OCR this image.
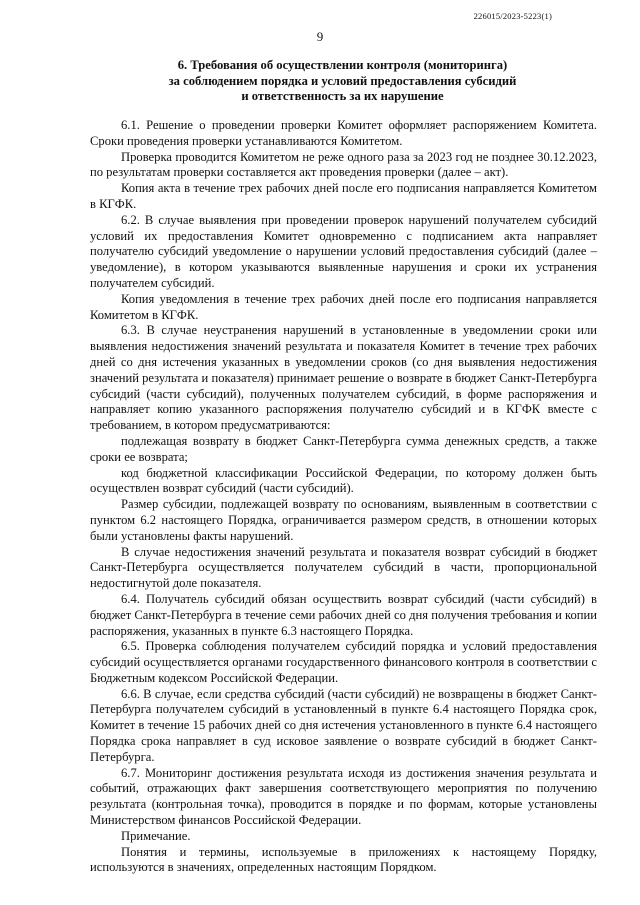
226015/2023-5223(1)
9
6. Требования об осуществлении контроля (мониторинга)
за соблюдением порядка и условий предоставления субсидий
и ответственность за их нарушение

6.1. Решение о проведении проверки Комитет оформляет распоряжением Комитета. Сроки проведения проверки устанавливаются Комитетом.

Проверка проводится Комитетом не реже одного раза за 2023 год не позднее 30.12.2023, по результатам проверки составляется акт проведения проверки (далее – акт).

Копия акта в течение трех рабочих дней после его подписания направляется Комитетом в КГФК.

6.2. В случае выявления при проведении проверок нарушений получателем субсидий условий их предоставления Комитет одновременно с подписанием акта направляет получателю субсидий уведомление о нарушении условий предоставления субсидий (далее – уведомление), в котором указываются выявленные нарушения и сроки их устранения получателем субсидий.

Копия уведомления в течение трех рабочих дней после его подписания направляется Комитетом в КГФК.

6.3. В случае неустранения нарушений в установленные в уведомлении сроки или выявления недостижения значений результата и показателя Комитет в течение трех рабочих дней со дня истечения указанных в уведомлении сроков (со дня выявления недостижения значений результата и показателя) принимает решение о возврате в бюджет Санкт-Петербурга субсидий (части субсидий), полученных получателем субсидий, в форме распоряжения и направляет копию указанного распоряжения получателю субсидий и в КГФК вместе с требованием, в котором предусматриваются:

подлежащая возврату в бюджет Санкт-Петербурга сумма денежных средств, а также сроки ее возврата;

код бюджетной классификации Российской Федерации, по которому должен быть осуществлен возврат субсидий (части субсидий).

Размер субсидии, подлежащей возврату по основаниям, выявленным в соответствии с пунктом 6.2 настоящего Порядка, ограничивается размером средств, в отношении которых были установлены факты нарушений.

В случае недостижения значений результата и показателя возврат субсидий в бюджет Санкт-Петербурга осуществляется получателем субсидий в части, пропорциональной недостигнутой доле показателя.

6.4. Получатель субсидий обязан осуществить возврат субсидий (части субсидий) в бюджет Санкт-Петербурга в течение семи рабочих дней со дня получения требования и копии распоряжения, указанных в пункте 6.3 настоящего Порядка.

6.5. Проверка соблюдения получателем субсидий порядка и условий предоставления субсидий осуществляется органами государственного финансового контроля в соответствии с Бюджетным кодексом Российской Федерации.

6.6. В случае, если средства субсидий (части субсидий) не возвращены в бюджет Санкт-Петербурга получателем субсидий в установленный в пункте 6.4 настоящего Порядка срок, Комитет в течение 15 рабочих дней со дня истечения установленного в пункте 6.4 настоящего Порядка срока направляет в суд исковое заявление о возврате субсидий в бюджет Санкт-Петербурга.

6.7. Мониторинг достижения результата исходя из достижения значения результата и событий, отражающих факт завершения соответствующего мероприятия по получению результата (контрольная точка), проводится в порядке и по формам, которые установлены Министерством финансов Российской Федерации.

Примечание.

Понятия и термины, используемые в приложениях к настоящему Порядку, используются в значениях, определенных настоящим Порядком.
